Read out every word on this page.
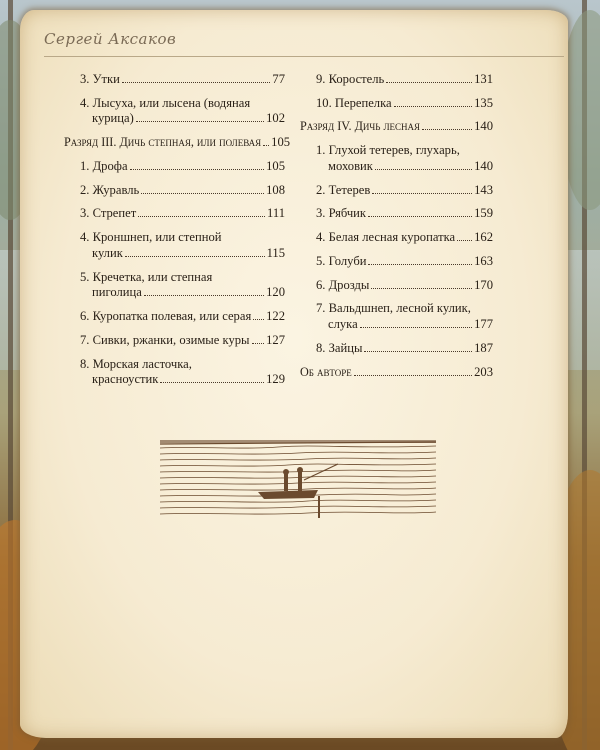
Сергей Аксаков
3. Утки	77
4. Лысуха, или лысена (водяная
курица)	102
Разряд III. Дичь степная, или полевая 105
1. Дрофа	105
2. Журавль	108
3. Стрепет	111
4. Кроншнеп, или степной
кулик	115
5. Кречетка, или степная
пиголица	120
6. Куропатка полевая, или серая 122
7. Сивки, ржанки, озимые куры 127
8. Морская ласточка,
красноустик	129
9. Коростель	131
10. Перепелка	135
Разряд IV. Дичь лесная	140
1. Глухой тетерев, глухарь,
моховик	140
2. Тетерев	143
3. Рябчик	159
4. Белая лесная куропатка 162
5. Голуби	163
6. Дрозды	170
7. Вальдшнеп, лесной кулик,
слука	177
8. Зайцы	187
Об авторе	203
